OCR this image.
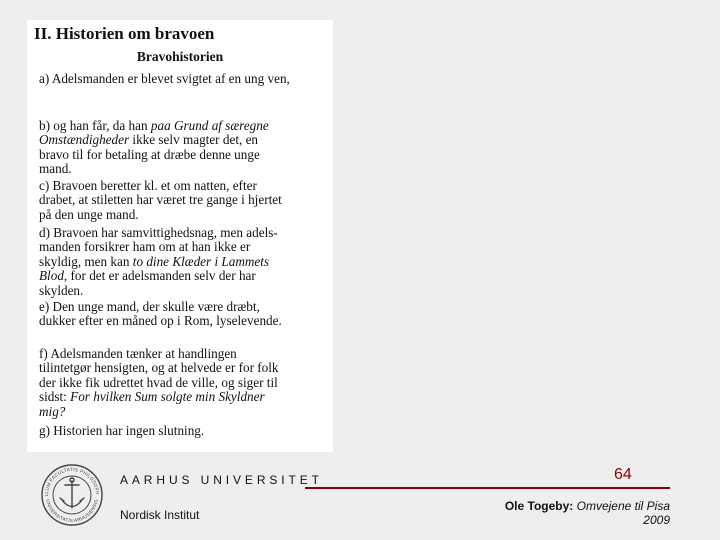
II. Historien om bravoen
Bravohistorien
a) Adelsmanden er blevet svigtet af en ung ven,
b) og han får, da han paa Grund af særegne
Omstændigheder ikke selv magter det, en
bravo til for betaling at dræbe denne unge
mand.
c) Bravoen beretter kl. et om natten, efter
drabet, at stiletten har været tre gange i hjertet
på den unge mand.
d) Bravoen har samvittighedsnag, men adels-
manden forsikrer ham om at han ikke er
skyldig, men kan to dine Klæder i Lammets
Blod, for det er adelsmanden selv der har
skylden.
e) Den unge mand, der skulle være dræbt,
dukker efter en måned op i Rom, lyselevende.
f) Adelsmanden tænker at handlingen
tilintetgør hensigten, og at helvede er for folk
der ikke fik udrettet hvad de ville, og siger til
sidst: For hvilken Sum solgte min Skyldner
mig?
g) Historien har ingen slutning.
LLUM FACULTATIS PHILOSOPH
UNIVERSITATIS ARHUSIENSIS
AARHUS UNIVERSITET
Nordisk Institut
64
Ole Togeby: Omvejene til Pisa
2009
